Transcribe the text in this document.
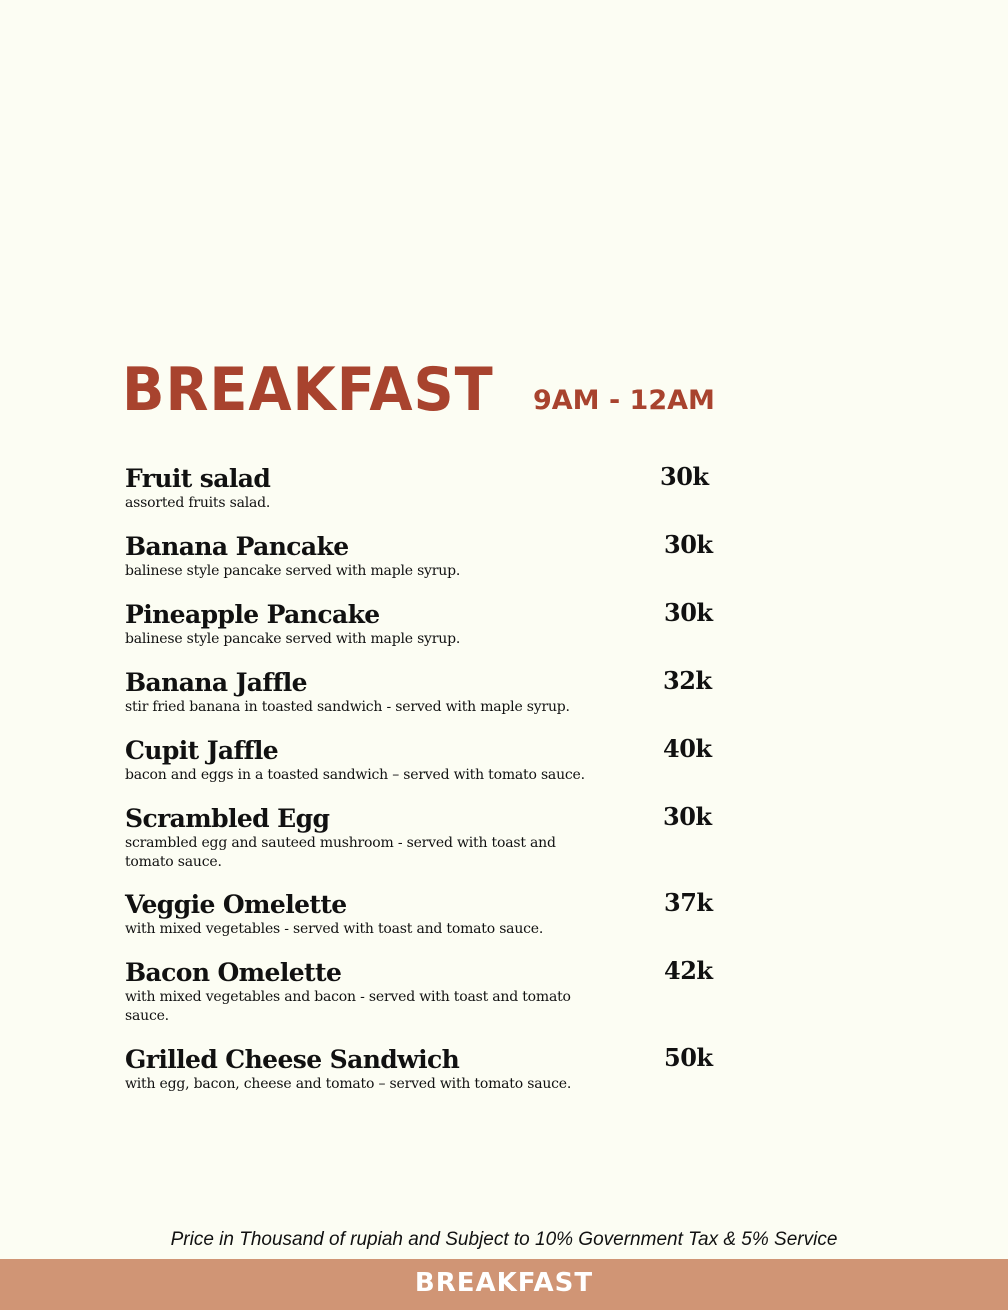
BREAKFAST 9AM - 12AM
Fruit salad
assorted fruits salad.
30k
Banana Pancake
balinese style pancake served with maple syrup.
30k
Pineapple Pancake
balinese style pancake served with maple syrup.
30k
Banana Jaffle
stir fried banana in toasted sandwich - served with maple syrup.
32k
Cupit Jaffle
bacon and eggs in a toasted sandwich – served with tomato sauce.
40k
Scrambled Egg
scrambled egg and sauteed mushroom - served with toast and tomato sauce.
30k
Veggie Omelette
with mixed vegetables - served with toast and tomato sauce.
37k
Bacon Omelette
with mixed vegetables and bacon - served with toast and tomato sauce.
42k
Grilled Cheese Sandwich
with egg, bacon, cheese and tomato – served with tomato sauce.
50k
Price in Thousand of rupiah and Subject to 10% Government Tax & 5% Service
BREAKFAST
